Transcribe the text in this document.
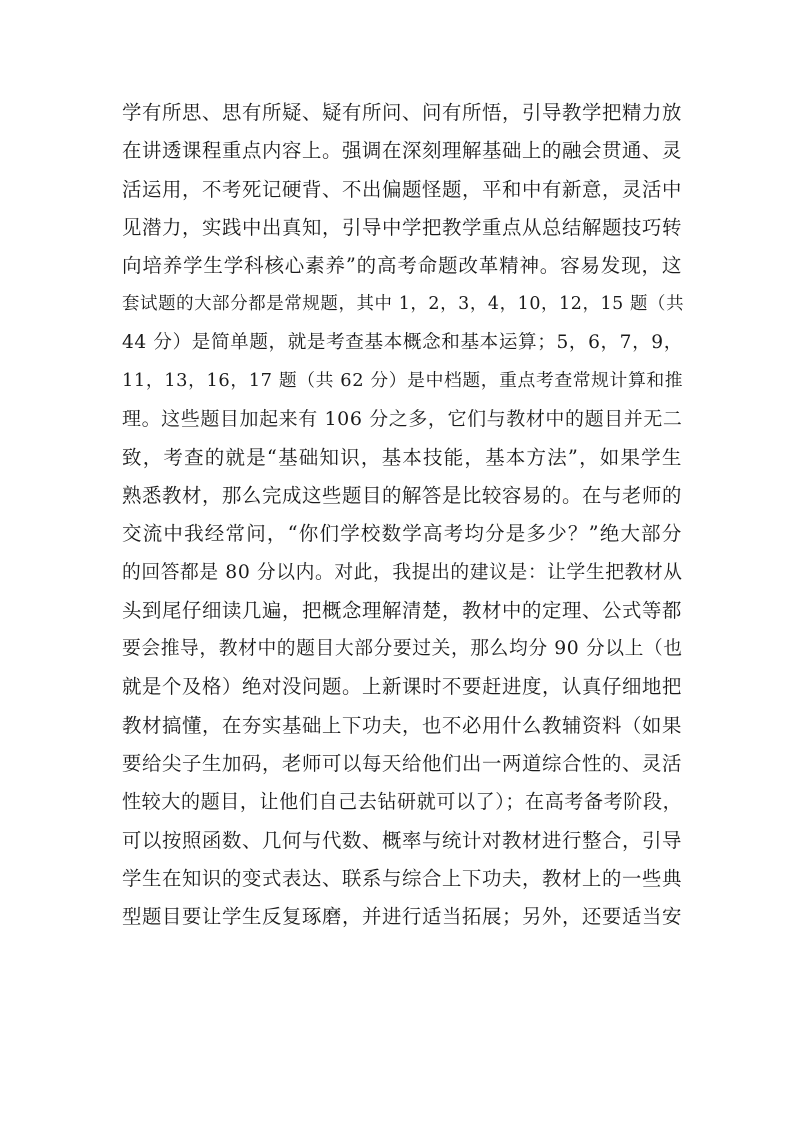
学有所思、思有所疑、疑有所问、问有所悟，引导教学把精力放
在讲透课程重点内容上。强调在深刻理解基础上的融会贯通、灵
活运用，不考死记硬背、不出偏题怪题，平和中有新意，灵活中
见潜力，实践中出真知，引导中学把教学重点从总结解题技巧转
向培养学生学科核心素养”的高考命题改革精神。容易发现，这
套试题的大部分都是常规题，其中 1，2，3，4，10，12，15 题（共
44 分）是简单题，就是考查基本概念和基本运算；5，6，7，9，
11，13，16，17 题（共 62 分）是中档题，重点考查常规计算和推
理。这些题目加起来有 106 分之多，它们与教材中的题目并无二
致，考查的就是“基础知识，基本技能，基本方法”，如果学生
熟悉教材，那么完成这些题目的解答是比较容易的。在与老师的
交流中我经常问，“你们学校数学高考均分是多少？”绝大部分
的回答都是 80 分以内。对此，我提出的建议是：让学生把教材从
头到尾仔细读几遍，把概念理解清楚，教材中的定理、公式等都
要会推导，教材中的题目大部分要过关，那么均分 90 分以上（也
就是个及格）绝对没问题。上新课时不要赶进度，认真仔细地把
教材搞懂，在夯实基础上下功夫，也不必用什么教辅资料（如果
要给尖子生加码，老师可以每天给他们出一两道综合性的、灵活
性较大的题目，让他们自己去钻研就可以了）；在高考备考阶段，
可以按照函数、几何与代数、概率与统计对教材进行整合，引导
学生在知识的变式表达、联系与综合上下功夫，教材上的一些典
型题目要让学生反复琢磨，并进行适当拓展；另外，还要适当安
